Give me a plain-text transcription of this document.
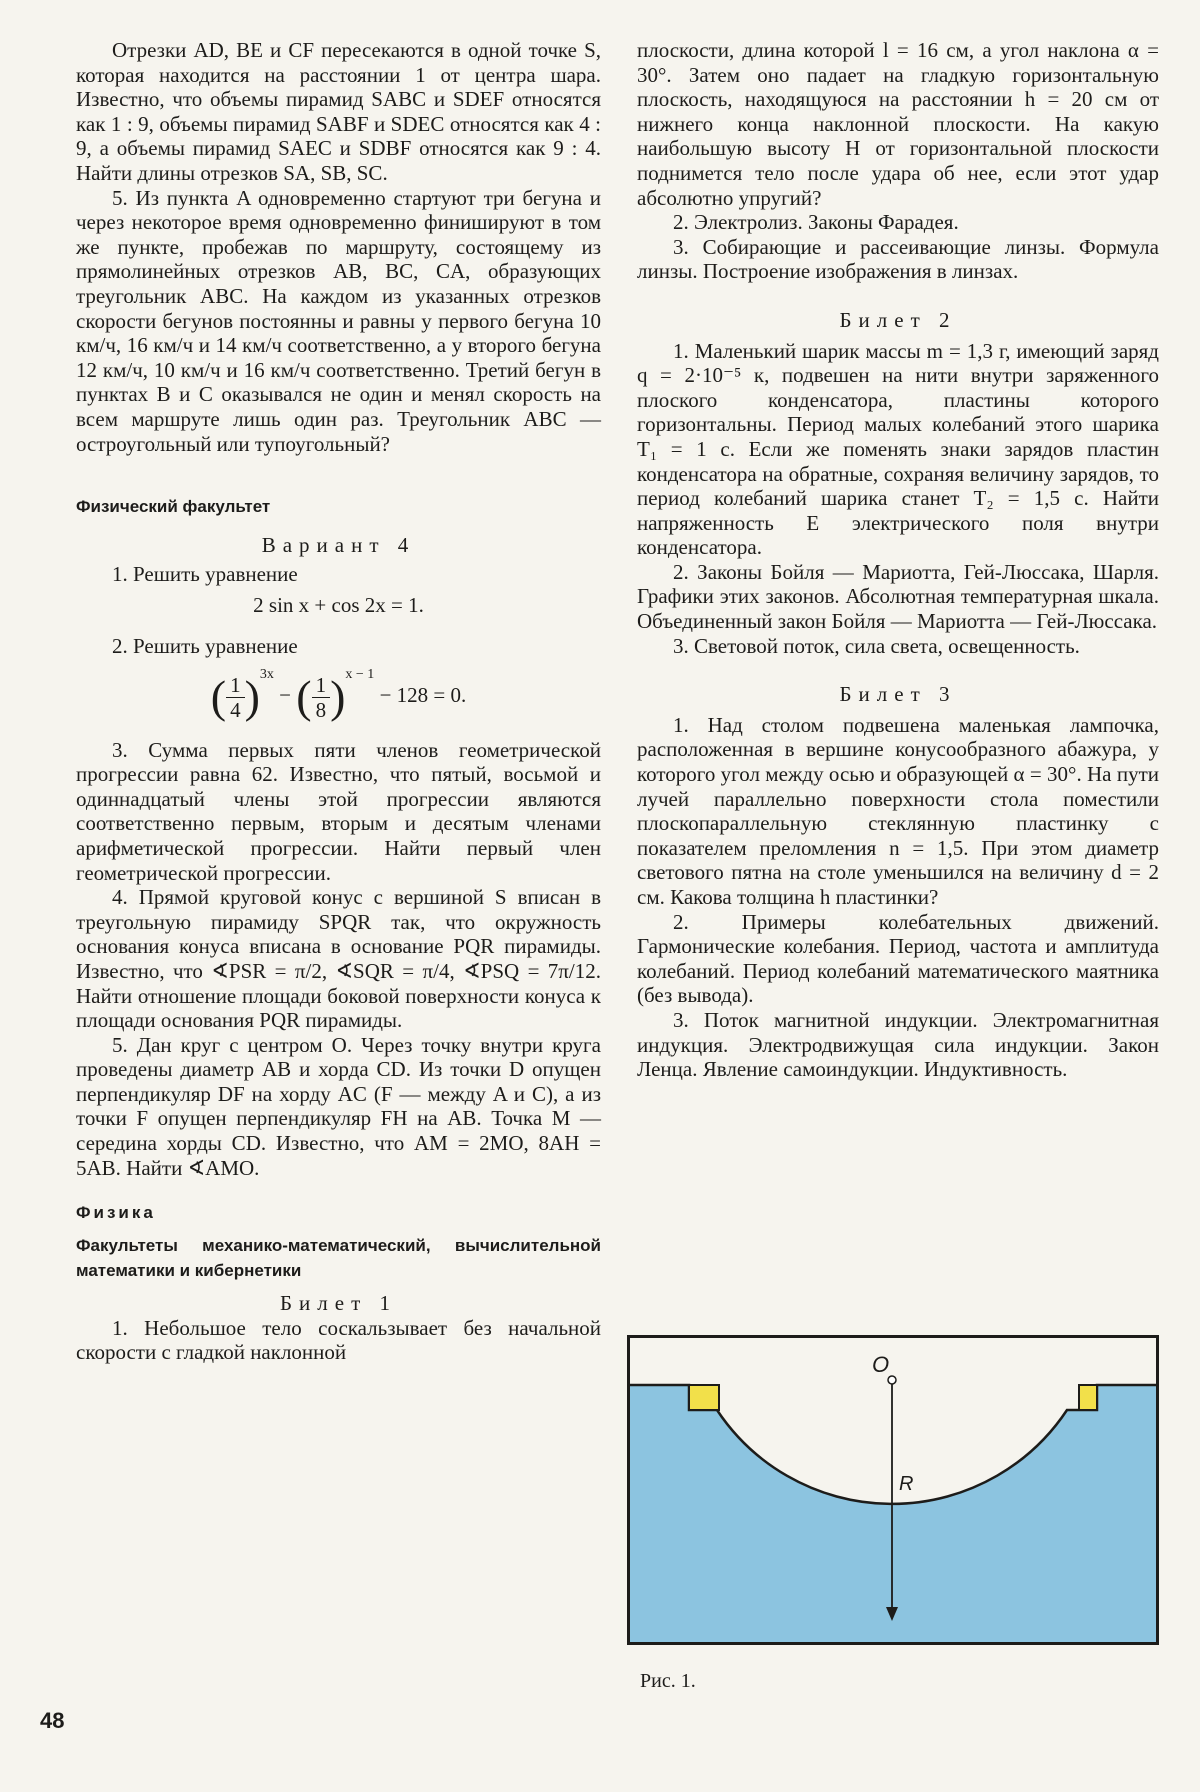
Отрезки AD, BE и CF пересекаются в одной точке S, которая находится на расстоянии 1 от центра шара. Известно, что объемы пирамид SABC и SDEF относятся как 1 : 9, объемы пирамид SABF и SDEC относятся как 4 : 9, а объемы пирамид SAEC и SDBF относятся как 9 : 4. Найти длины отрезков SA, SB, SC.

5. Из пункта A одновременно стартуют три бегуна и через некоторое время одновременно финишируют в том же пункте, пробежав по маршруту, состоящему из прямолинейных отрезков AB, BC, CA, образующих треугольник ABC. На каждом из указанных отрезков скорости бегунов постоянны и равны у первого бегуна 10 км/ч, 16 км/ч и 14 км/ч соответственно, а у второго бегуна 12 км/ч, 10 км/ч и 16 км/ч соответственно. Третий бегун в пунктах B и C оказывался не один и менял скорость на всем маршруте лишь один раз. Треугольник ABC — остроугольный или тупоугольный?

Физический факультет

Вариант 4

1. Решить уравнение

2 sin x + cos 2x = 1.

2. Решить уравнение

( $\frac{1}{4} )^{3x}$ − ( $\frac{1}{8} )^{x - 1} - 128 = 0$.

3. Сумма первых пяти членов геометрической прогрессии равна 62. Известно, что пятый, восьмой и одиннадцатый члены этой прогрессии являются соответственно первым, вторым и десятым членами арифметической прогрессии. Найти первый член геометрической прогрессии.

4. Прямой круговой конус с вершиной S вписан в треугольную пирамиду SPQR так, что окружность основания конуса вписана в основание PQR пирамиды. Известно, что ∢PSR = π/2, ∢SQR = π/4, ∢PSQ = 7π/12. Найти отношение площади боковой поверхности конуса к площади основания PQR пирамиды.

5. Дан круг с центром O. Через точку внутри круга проведены диаметр AB и хорда CD. Из точки D опущен перпендикуляр DF на хорду AC (F — между A и C), а из точки F опущен перпендикуляр FH на AB. Точка M — середина хорды CD. Известно, что AM = 2MO, 8AH = 5AB. Найти ∢AMO.

Физика

Факультеты механико-математический, вычислительной математики и кибернетики

Билет 1

1. Небольшое тело соскальзывает без начальной скорости с гладкой наклонной

плоскости, длина которой l = 16 см, а угол наклона α = 30°. Затем оно падает на гладкую горизонтальную плоскость, находящуюся на расстоянии h = 20 см от нижнего конца наклонной плоскости. На какую наибольшую высоту H от горизонтальной плоскости поднимется тело после удара об нее, если этот удар абсолютно упругий?

2. Электролиз. Законы Фарадея.

3. Собирающие и рассеивающие линзы. Формула линзы. Построение изображения в линзах.

Билет 2

1. Маленький шарик массы m = 1,3 г, имеющий заряд q = 2·10⁻⁵ к, подвешен на нити внутри заряженного плоского конденсатора, пластины которого горизонтальны. Период малых колебаний этого шарика T₁ = 1 с. Если же поменять знаки зарядов пластин конденсатора на обратные, сохраняя величину зарядов, то период колебаний шарика станет T₂ = 1,5 с. Найти напряженность E электрического поля внутри конденсатора.

2. Законы Бойля — Мариотта, Гей-Люссака, Шарля. Графики этих законов. Абсолютная температурная шкала. Объединенный закон Бойля — Мариотта — Гей-Люссака.

3. Световой поток, сила света, освещенность.

Билет 3

1. Над столом подвешена маленькая лампочка, расположенная в вершине конусообразного абажура, у которого угол между осью и образующей α = 30°. На пути лучей параллельно поверхности стола поместили плоскопараллельную стеклянную пластинку с показателем преломления n = 1,5. При этом диаметр светового пятна на столе уменьшился на величину d = 2 см. Какова толщина h пластинки?

2. Примеры колебательных движений. Гармонические колебания. Период, частота и амплитуда колебаний. Период колебаний математического маятника (без вывода).

3. Поток магнитной индукции. Электромагнитная индукция. Электродвижущая сила индукции. Закон Ленца. Явление самоиндукции. Индуктивность.

O
R
Рис. 1.
48
